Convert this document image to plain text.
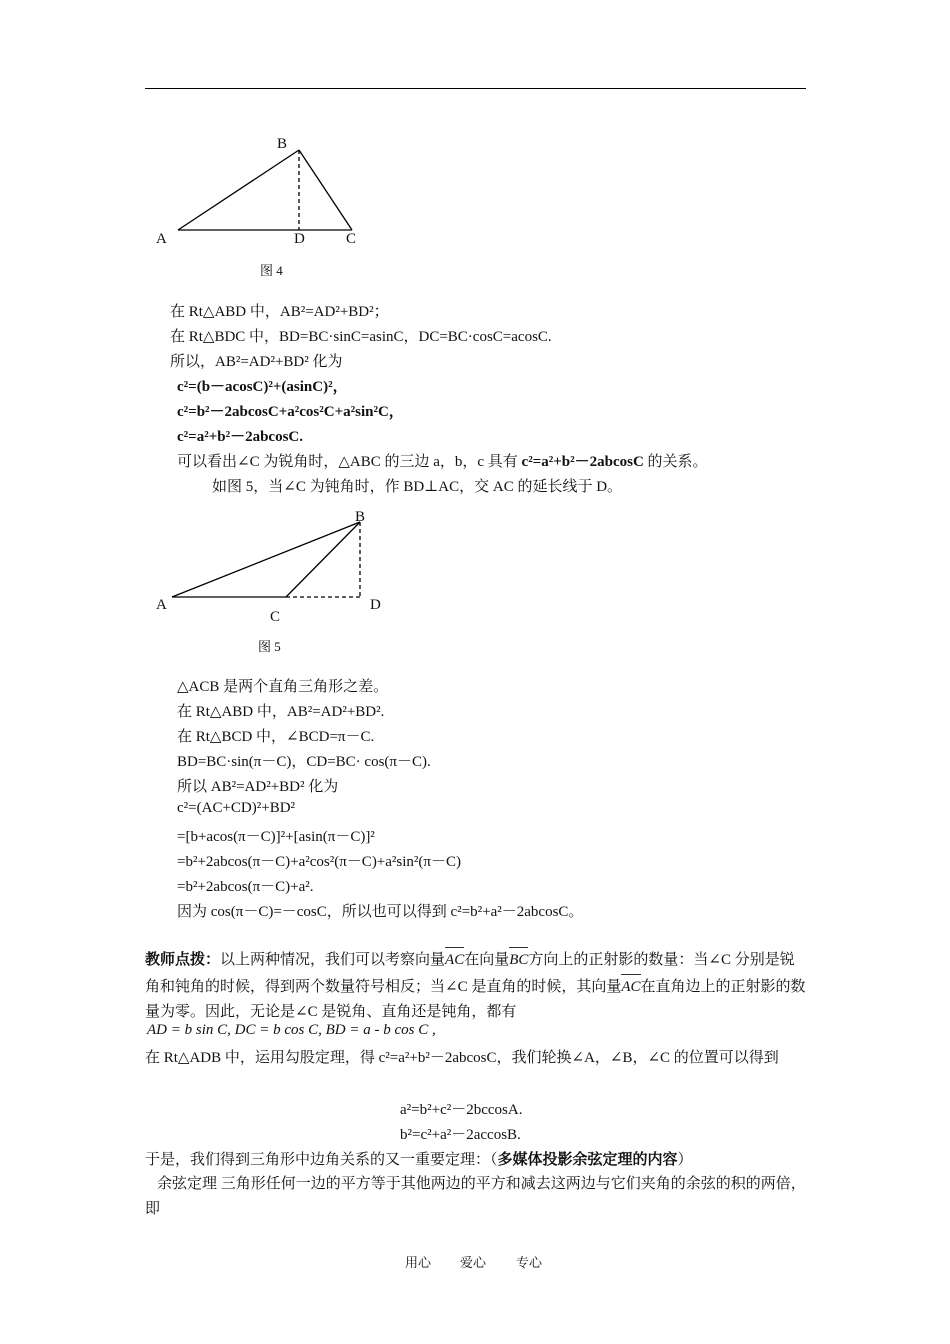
B
A	D	C
图 4
在 Rt△ABD 中，AB²=AD²+BD²；
在 Rt△BDC 中，BD=BC·sinC=asinC，DC=BC·cosC=acosC.
所以，AB²=AD²+BD² 化为
c²=(b－acosC)²+(asinC)²，
c²=b²－2abcosC+a²cos²C+a²sin²C，
c²=a²+b²－2abcosC.
可以看出∠C 为锐角时，△ABC 的三边 a，b，c 具有 c²=a²+b²－2abcosC 的关系。
如图 5，当∠C 为钝角时，作 BD⊥AC，交 AC 的延长线于 D。
B
A	D
C
图 5
△ACB 是两个直角三角形之差。
在 Rt△ABD 中，AB²=AD²+BD².
在 Rt△BCD 中，∠BCD=π－C.
BD=BC·sin(π－C)，CD=BC· cos(π－C).
所以 AB²=AD²+BD² 化为
c²=(AC+CD)²+BD²
=[b+acos(π－C)]²+[asin(π－C)]²
=b²+2abcos(π－C)+a²cos²(π－C)+a²sin²(π－C)
=b²+2abcos(π－C)+a².
因为 cos(π－C)=－cosC，所以也可以得到 c²=b²+a²－2abcosC。
教师点拨：以上两种情况，我们可以考察向量AC在向量BC方向上的正射影的数量：当∠C 分别是锐角和钝角的时候，得到两个数量符号相反；当∠C 是直角的时候，其向量AC在直角边上的正射影的数量为零。因此，无论是∠C 是锐角、直角还是钝角，都有
AD = b sin C, DC = b cos C, BD = a - b cos C ,
在 Rt△ADB 中，运用勾股定理，得 c²=a²+b²－2abcosC，我们轮换∠A，∠B，∠C 的位置可以得到
a²=b²+c²－2bccosA.
b²=c²+a²－2accosB.
于是，我们得到三角形中边角关系的又一重要定理：（多媒体投影余弦定理的内容）
余弦定理 三角形任何一边的平方等于其他两边的平方和减去这两边与它们夹角的余弦的积的两倍，即
用心 爱心 专心
